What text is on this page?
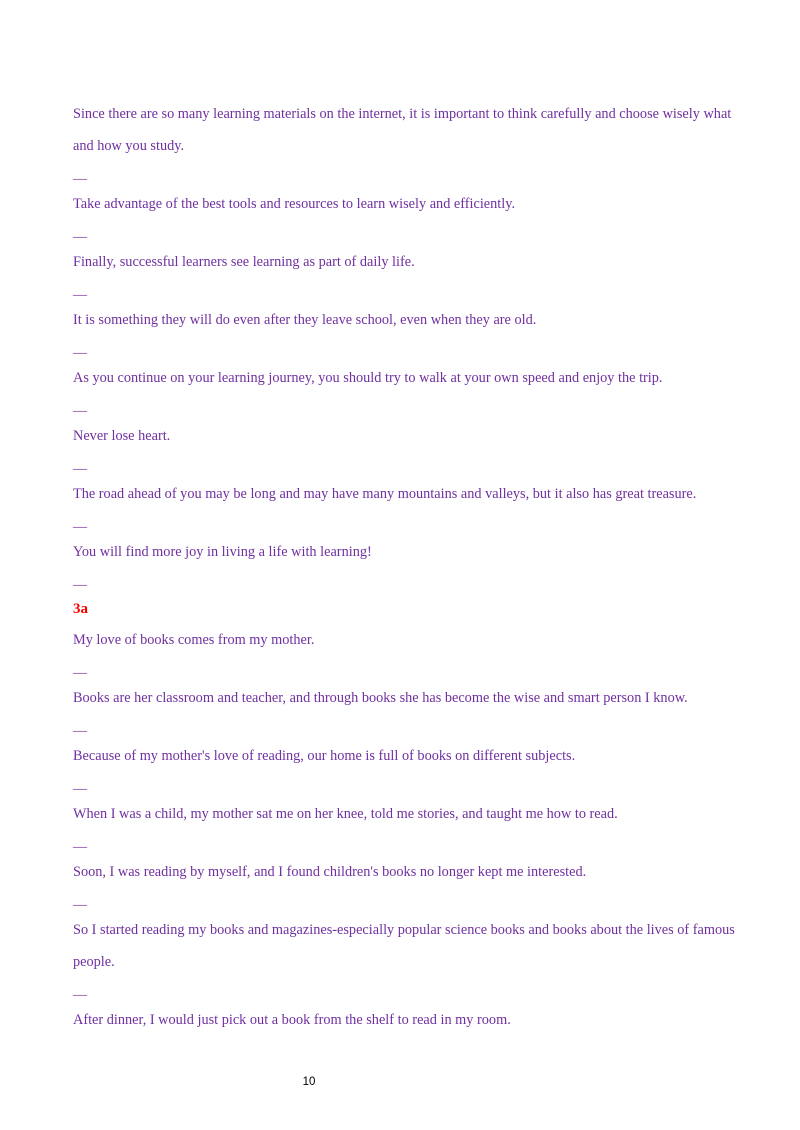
Since there are so many learning materials on the internet, it is important to think carefully and choose wisely what and how you study.

__

Take advantage of the best tools and resources to learn wisely and efficiently.

__

Finally, successful learners see learning as part of daily life.

__

It is something they will do even after they leave school, even when they are old.

__

As you continue on your learning journey, you should try to walk at your own speed and enjoy the trip.

__

Never lose heart.

__

The road ahead of you may be long and may have many mountains and valleys, but it also has great treasure.

__

You will find more joy in living a life with learning!

__

3a

My love of books comes from my mother.

__

Books are her classroom and teacher, and through books she has become the wise and smart person I know.

__

Because of my mother's love of reading, our home is full of books on different subjects.

__

When I was a child, my mother sat me on her knee, told me stories, and taught me how to read.

__

Soon, I was reading by myself, and I found children's books no longer kept me interested.

__

So I started reading my books and magazines-especially popular science books and books about the lives of famous people.

__

After dinner, I would just pick out a book from the shelf to read in my room.

10
